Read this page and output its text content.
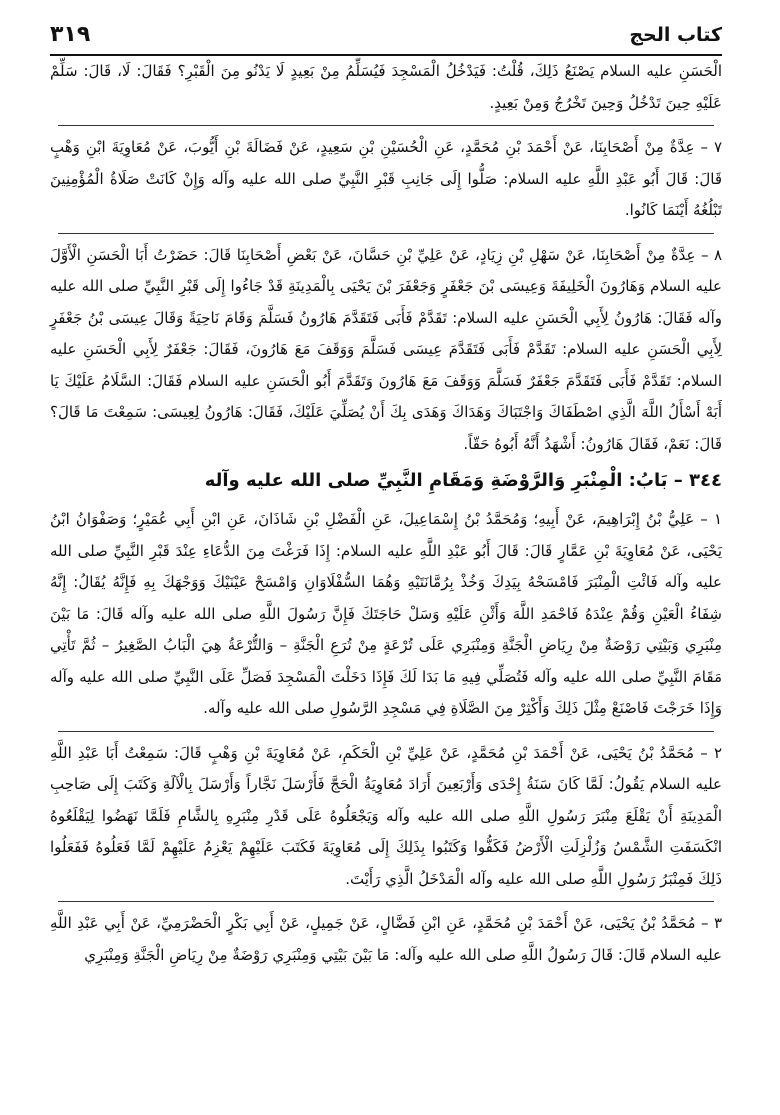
كتاب الحج
٣١٩

الْحَسَنِ عليه السلام يَصْنَعُ ذَلِكَ، قُلْتُ: فَيَدْخُلُ الْمَسْجِدَ فَيُسَلِّمُ مِنْ بَعِيدٍ لَا يَدْنُو مِنَ الْقَبْرِ؟ فَقَالَ: لَا، قَالَ: سَلِّمْ عَلَيْهِ حِينَ تَدْخُلُ وَحِينَ تَخْرُجُ وَمِنْ بَعِيدٍ.

٧ – عِدَّةٌ مِنْ أَصْحَابِنَا، عَنْ أَحْمَدَ بْنِ مُحَمَّدٍ، عَنِ الْحُسَيْنِ بْنِ سَعِيدٍ، عَنْ فَضَالَةَ بْنِ أَيُّوبَ، عَنْ مُعَاوِيَةَ ابْنِ وَهْبٍ قَالَ: قَالَ أَبُو عَبْدِ اللَّهِ عليه السلام: صَلُّوا إِلَى جَانِبِ قَبْرِ النَّبِيِّ صلى الله عليه وآله وَإِنْ كَانَتْ صَلَاةُ الْمُؤْمِنِينَ تَبْلُغُهُ أَيْنَمَا كَانُوا.

٨ – عِدَّةٌ مِنْ أَصْحَابِنَا، عَنْ سَهْلِ بْنِ زِيَادٍ، عَنْ عَلِيِّ بْنِ حَسَّانَ، عَنْ بَعْضِ أَصْحَابِنَا قَالَ: حَضَرْتُ أَبَا الْحَسَنِ الْأَوَّلَ عليه السلام وَهَارُونَ الْخَلِيفَةَ وَعِيسَى بْنَ جَعْفَرٍ وَجَعْفَرَ بْنَ يَحْيَى بِالْمَدِينَةِ قَدْ جَاءُوا إِلَى قَبْرِ النَّبِيِّ صلى الله عليه وآله فَقَالَ: هَارُونُ لِأَبِي الْحَسَنِ عليه السلام: تَقَدَّمْ فَأَبَى فَتَقَدَّمَ هَارُونُ فَسَلَّمَ وَقَامَ نَاحِيَةً وَقَالَ عِيسَى بْنُ جَعْفَرٍ لِأَبِي الْحَسَنِ عليه السلام: تَقَدَّمْ فَأَبَى فَتَقَدَّمَ عِيسَى فَسَلَّمَ وَوَقَفَ مَعَ هَارُونَ، فَقَالَ: جَعْفَرٌ لِأَبِي الْحَسَنِ عليه السلام: تَقَدَّمْ فَأَبَى فَتَقَدَّمَ جَعْفَرٌ فَسَلَّمَ وَوَقَفَ مَعَ هَارُونَ وَتَقَدَّمَ أَبُو الْحَسَنِ عليه السلام فَقَالَ: السَّلَامُ عَلَيْكَ يَا أَبَهْ أَسْأَلُ اللَّهَ الَّذِي اصْطَفَاكَ وَاجْتَبَاكَ وَهَدَاكَ وَهَدَى بِكَ أَنْ يُصَلِّيَ عَلَيْكَ، فَقَالَ: هَارُونُ لِعِيسَى: سَمِعْتَ مَا قَالَ؟ قَالَ: نَعَمْ، فَقَالَ هَارُونُ: أَشْهَدُ أَنَّهُ أَبُوهُ حَقّاً.

٣٤٤ – بَابُ: الْمِنْبَرِ وَالرَّوْضَةِ وَمَقَامِ النَّبِيِّ صلى الله عليه وآله

١ – عَلِيُّ بْنُ إِبْرَاهِيمَ، عَنْ أَبِيهِ؛ وَمُحَمَّدُ بْنُ إِسْمَاعِيلَ، عَنِ الْفَضْلِ بْنِ شَاذَانَ، عَنِ ابْنِ أَبِي عُمَيْرٍ؛ وَصَفْوَانُ ابْنُ يَحْيَى، عَنْ مُعَاوِيَةَ بْنِ عَمَّارٍ قَالَ: قَالَ أَبُو عَبْدِ اللَّهِ عليه السلام: إِذَا فَرَغْتَ مِنَ الدُّعَاءِ عِنْدَ قَبْرِ النَّبِيِّ صلى الله عليه وآله فَائْتِ الْمِنْبَرَ فَامْسَحْهُ بِيَدِكَ وَخُذْ بِرُمَّانَتَيْهِ وَهُمَا السُّفْلَاوَانِ وَامْسَحْ عَيْنَيْكَ وَوَجْهَكَ بِهِ فَإِنَّهُ يُقَالُ: إِنَّهُ شِفَاءُ الْعَيْنِ وَقُمْ عِنْدَهُ فَاحْمَدِ اللَّهَ وَأَثْنِ عَلَيْهِ وَسَلْ حَاجَتَكَ فَإِنَّ رَسُولَ اللَّهِ صلى الله عليه وآله قَالَ: مَا بَيْنَ مِنْبَرِي وَبَيْتِي رَوْضَةٌ مِنْ رِيَاضِ الْجَنَّةِ وَمِنْبَرِي عَلَى تُرْعَةٍ مِنْ تُرَعِ الْجَنَّةِ – وَالتُّرْعَةُ هِيَ الْبَابُ الصَّغِيرُ – ثُمَّ تَأْتِي مَقَامَ النَّبِيِّ صلى الله عليه وآله فَتُصَلِّي فِيهِ مَا بَدَا لَكَ فَإِذَا دَخَلْتَ الْمَسْجِدَ فَصَلِّ عَلَى النَّبِيِّ صلى الله عليه وآله وَإِذَا خَرَجْتَ فَاصْنَعْ مِثْلَ ذَلِكَ وَأَكْثِرْ مِنَ الصَّلَاةِ فِي مَسْجِدِ الرَّسُولِ صلى الله عليه وآله.

٢ – مُحَمَّدُ بْنُ يَحْيَى، عَنْ أَحْمَدَ بْنِ مُحَمَّدٍ، عَنْ عَلِيِّ بْنِ الْحَكَمِ، عَنْ مُعَاوِيَةَ بْنِ وَهْبٍ قَالَ: سَمِعْتُ أَبَا عَبْدِ اللَّهِ عليه السلام يَقُولُ: لَمَّا كَانَ سَنَةُ إِحْدَى وَأَرْبَعِينَ أَرَادَ مُعَاوِيَةُ الْحَجَّ فَأَرْسَلَ نَجَّاراً وَأَرْسَلَ بِالْآلَةِ وَكَتَبَ إِلَى صَاحِبِ الْمَدِينَةِ أَنْ يَقْلَعَ مِنْبَرَ رَسُولِ اللَّهِ صلى الله عليه وآله وَيَجْعَلُوهُ عَلَى قَدْرِ مِنْبَرِهِ بِالشَّامِ فَلَمَّا نَهَضُوا لِيَقْلَعُوهُ انْكَسَفَتِ الشَّمْسُ وَزُلْزِلَتِ الْأَرْضُ فَكَفُّوا وَكَتَبُوا بِذَلِكَ إِلَى مُعَاوِيَةَ فَكَتَبَ عَلَيْهِمْ يَعْزِمُ عَلَيْهِمْ لَمَّا فَعَلُوهُ فَفَعَلُوا ذَلِكَ فَمِنْبَرُ رَسُولِ اللَّهِ صلى الله عليه وآله الْمَدْخَلُ الَّذِي رَأَيْتَ.

٣ – مُحَمَّدُ بْنُ يَحْيَى، عَنْ أَحْمَدَ بْنِ مُحَمَّدٍ، عَنِ ابْنِ فَضَّالٍ، عَنْ جَمِيلٍ، عَنْ أَبِي بَكْرٍ الْحَضْرَمِيِّ، عَنْ أَبِي عَبْدِ اللَّهِ عليه السلام قَالَ: قَالَ رَسُولُ اللَّهِ صلى الله عليه وآله: مَا بَيْنَ بَيْتِي وَمِنْبَرِي رَوْضَةٌ مِنْ رِيَاضِ الْجَنَّةِ وَمِنْبَرِي
